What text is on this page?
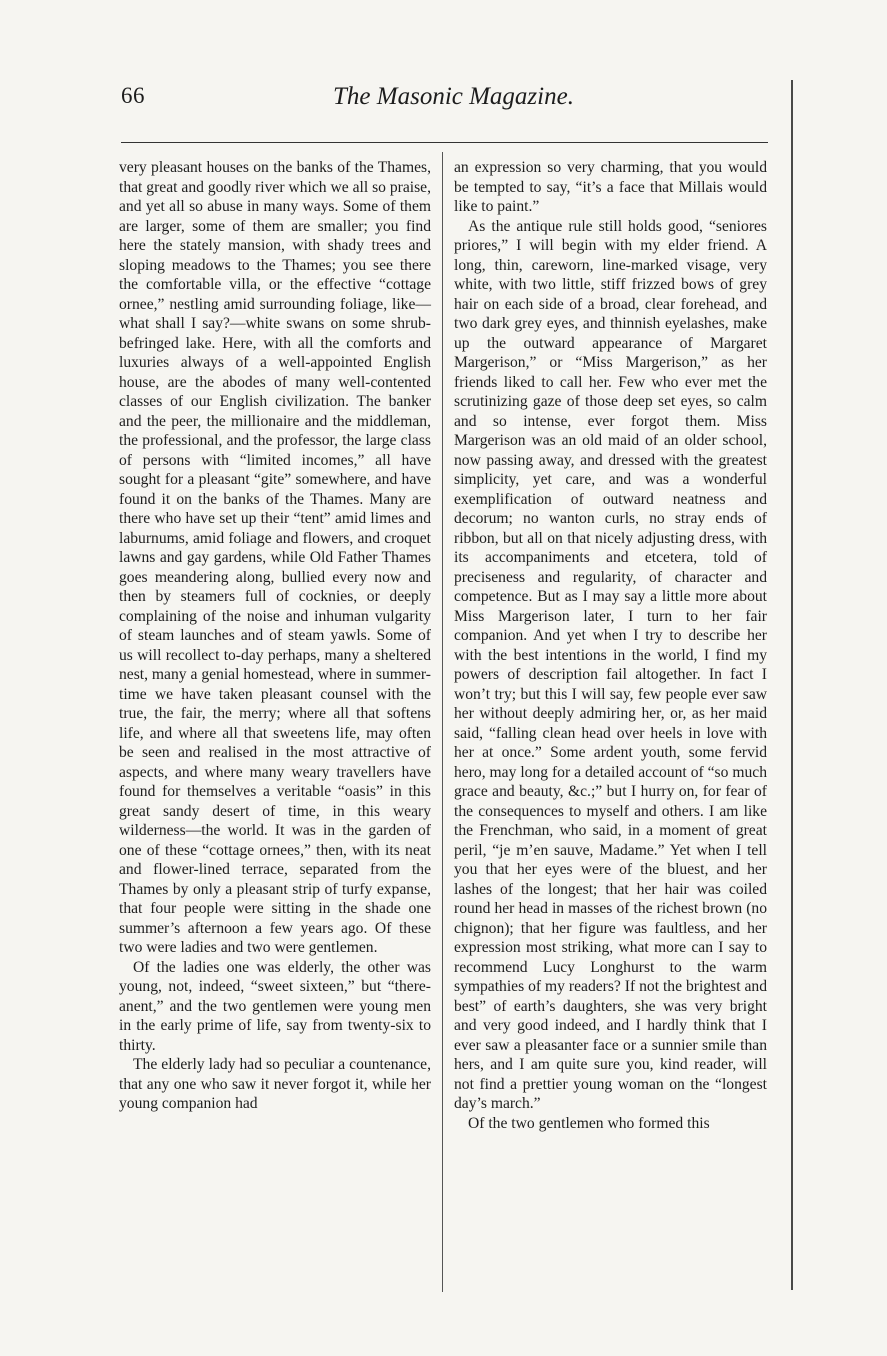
66	The Masonic Magazine.

very pleasant houses on the banks of the Thames, that great and goodly river which we all so praise, and yet all so abuse in many ways. Some of them are larger, some of them are smaller; you find here the stately mansion, with shady trees and sloping meadows to the Thames; you see there the comfortable villa, or the effective “cottage ornee,” nestling amid surrounding foliage, like—what shall I say?—white swans on some shrub-befringed lake. Here, with all the comforts and luxuries always of a well-appointed English house, are the abodes of many well-contented classes of our English civilization. The banker and the peer, the millionaire and the middleman, the professional, and the professor, the large class of persons with “limited incomes,” all have sought for a pleasant “gite” somewhere, and have found it on the banks of the Thames. Many are there who have set up their “tent” amid limes and laburnums, amid foliage and flowers, and croquet lawns and gay gardens, while Old Father Thames goes meandering along, bullied every now and then by steamers full of cocknies, or deeply complaining of the noise and inhuman vulgarity of steam launches and of steam yawls. Some of us will recollect to-day perhaps, many a sheltered nest, many a genial homestead, where in summer-time we have taken pleasant counsel with the true, the fair, the merry; where all that softens life, and where all that sweetens life, may often be seen and realised in the most attractive of aspects, and where many weary travellers have found for themselves a veritable “oasis” in this great sandy desert of time, in this weary wilderness—the world. It was in the garden of one of these “cottage ornees,” then, with its neat and flower-lined terrace, separated from the Thames by only a pleasant strip of turfy expanse, that four people were sitting in the shade one summer’s afternoon a few years ago. Of these two were ladies and two were gentlemen.

Of the ladies one was elderly, the other was young, not, indeed, “sweet sixteen,” but “there-anent,” and the two gentlemen were young men in the early prime of life, say from twenty-six to thirty.

The elderly lady had so peculiar a countenance, that any one who saw it never forgot it, while her young companion had

an expression so very charming, that you would be tempted to say, “it’s a face that Millais would like to paint.”

As the antique rule still holds good, “seniores priores,” I will begin with my elder friend. A long, thin, careworn, line-marked visage, very white, with two little, stiff frizzed bows of grey hair on each side of a broad, clear forehead, and two dark grey eyes, and thinnish eyelashes, make up the outward appearance of Margaret Margerison,” or “Miss Margerison,” as her friends liked to call her. Few who ever met the scrutinizing gaze of those deep set eyes, so calm and so intense, ever forgot them. Miss Margerison was an old maid of an older school, now passing away, and dressed with the greatest simplicity, yet care, and was a wonderful exemplification of outward neatness and decorum; no wanton curls, no stray ends of ribbon, but all on that nicely adjusting dress, with its accompaniments and etcetera, told of preciseness and regularity, of character and competence. But as I may say a little more about Miss Margerison later, I turn to her fair companion. And yet when I try to describe her with the best intentions in the world, I find my powers of description fail altogether. In fact I won’t try; but this I will say, few people ever saw her without deeply admiring her, or, as her maid said, “falling clean head over heels in love with her at once.” Some ardent youth, some fervid hero, may long for a detailed account of “so much grace and beauty, &c.;” but I hurry on, for fear of the consequences to myself and others. I am like the Frenchman, who said, in a moment of great peril, “je m’en sauve, Madame.” Yet when I tell you that her eyes were of the bluest, and her lashes of the longest; that her hair was coiled round her head in masses of the richest brown (no chignon); that her figure was faultless, and her expression most striking, what more can I say to recommend Lucy Longhurst to the warm sympathies of my readers? If not the brightest and best” of earth’s daughters, she was very bright and very good indeed, and I hardly think that I ever saw a pleasanter face or a sunnier smile than hers, and I am quite sure you, kind reader, will not find a prettier young woman on the “longest day’s march.”

Of the two gentlemen who formed this
